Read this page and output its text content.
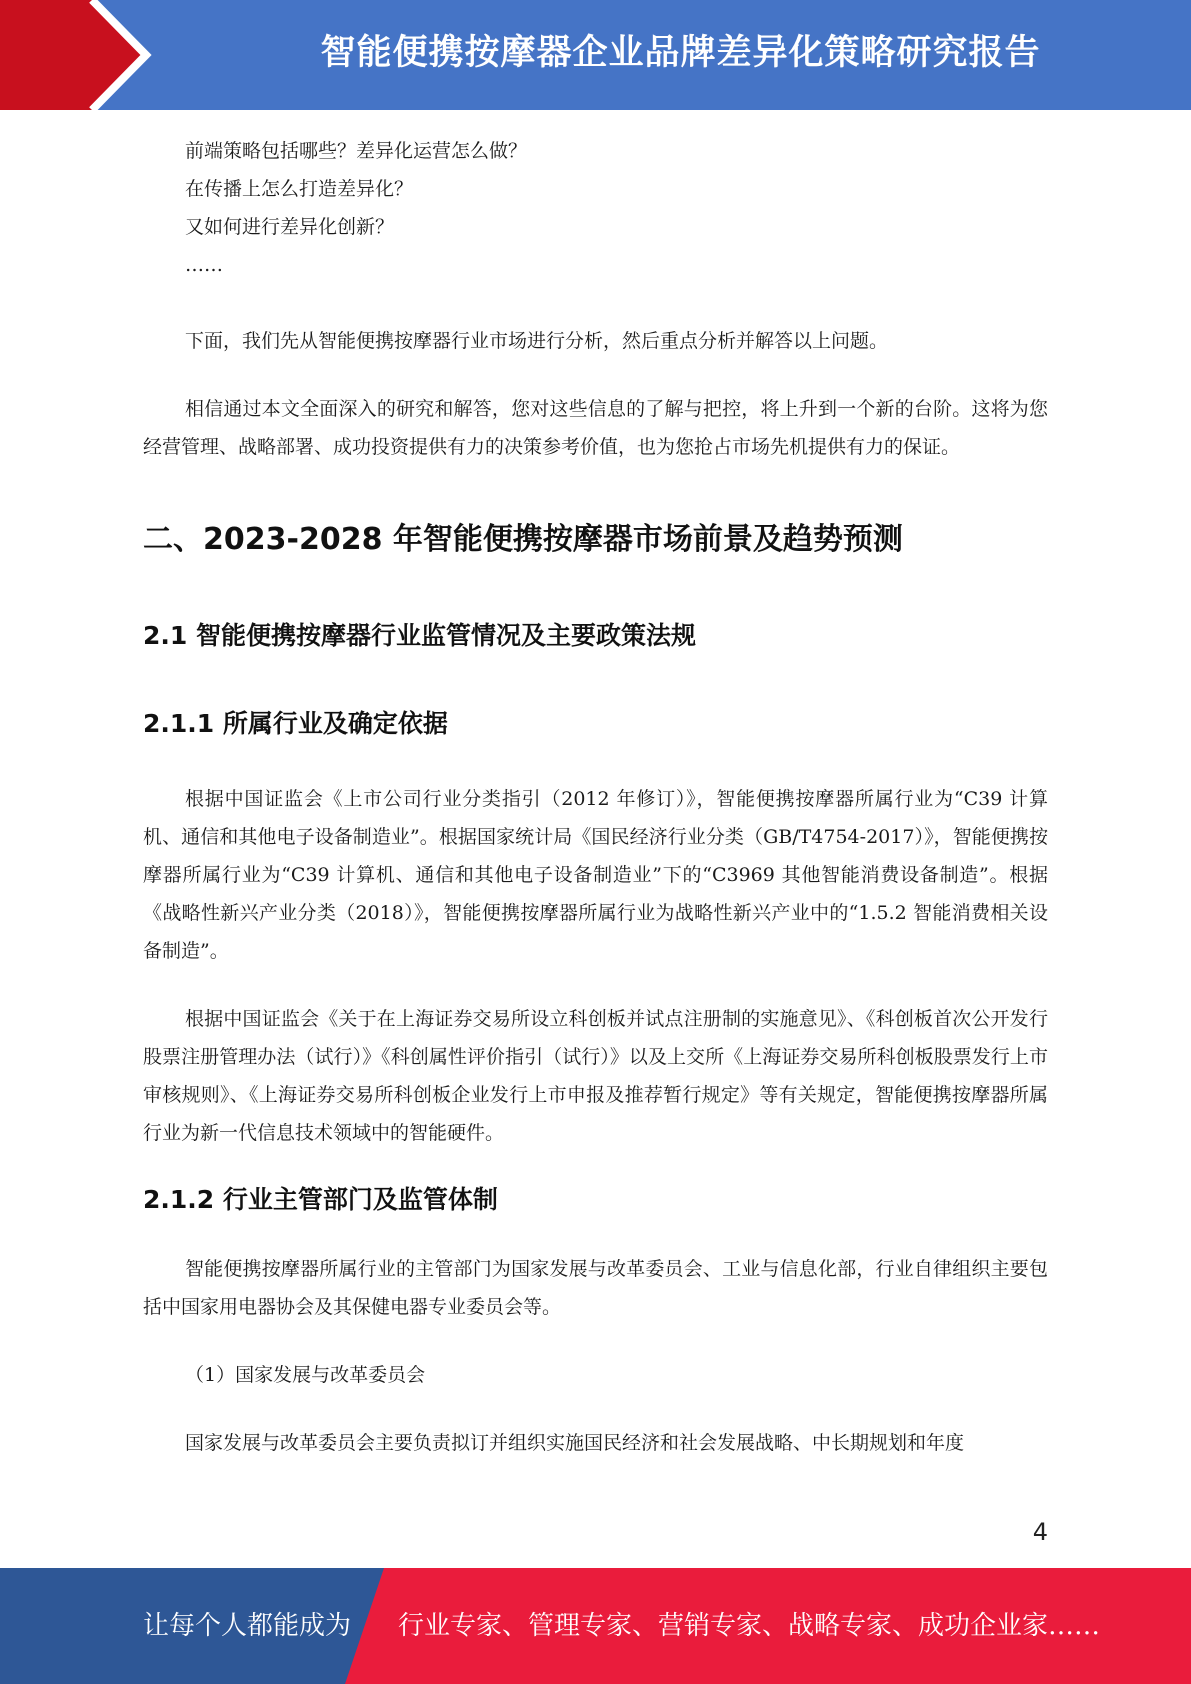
智能便携按摩器企业品牌差异化策略研究报告

前端策略包括哪些？差异化运营怎么做？

在传播上怎么打造差异化？

又如何进行差异化创新？

……

下面，我们先从智能便携按摩器行业市场进行分析，然后重点分析并解答以上问题。

相信通过本文全面深入的研究和解答，您对这些信息的了解与把控，将上升到一个新的台阶。这将为您经营管理、战略部署、成功投资提供有力的决策参考价值，也为您抢占市场先机提供有力的保证。

二、2023-2028 年智能便携按摩器市场前景及趋势预测
2.1 智能便携按摩器行业监管情况及主要政策法规
2.1.1 所属行业及确定依据

根据中国证监会《上市公司行业分类指引（2012 年修订）》，智能便携按摩器所属行业为“C39 计算机、通信和其他电子设备制造业”。根据国家统计局《国民经济行业分类（GB/T4754-2017）》，智能便携按摩器所属行业为“C39 计算机、通信和其他电子设备制造业”下的“C3969 其他智能消费设备制造”。根据《战略性新兴产业分类（2018）》，智能便携按摩器所属行业为战略性新兴产业中的“1.5.2 智能消费相关设备制造”。

根据中国证监会《关于在上海证券交易所设立科创板并试点注册制的实施意见》、《科创板首次公开发行股票注册管理办法（试行）》《科创属性评价指引（试行）》以及上交所《上海证券交易所科创板股票发行上市审核规则》、《上海证券交易所科创板企业发行上市申报及推荐暂行规定》等有关规定，智能便携按摩器所属行业为新一代信息技术领域中的智能硬件。

2.1.2 行业主管部门及监管体制

智能便携按摩器所属行业的主管部门为国家发展与改革委员会、工业与信息化部，行业自律组织主要包括中国家用电器协会及其保健电器专业委员会等。

（1）国家发展与改革委员会

国家发展与改革委员会主要负责拟订并组织实施国民经济和社会发展战略、中长期规划和年度

4
让每个人都能成为 行业专家、管理专家、营销专家、战略专家、成功企业家……
